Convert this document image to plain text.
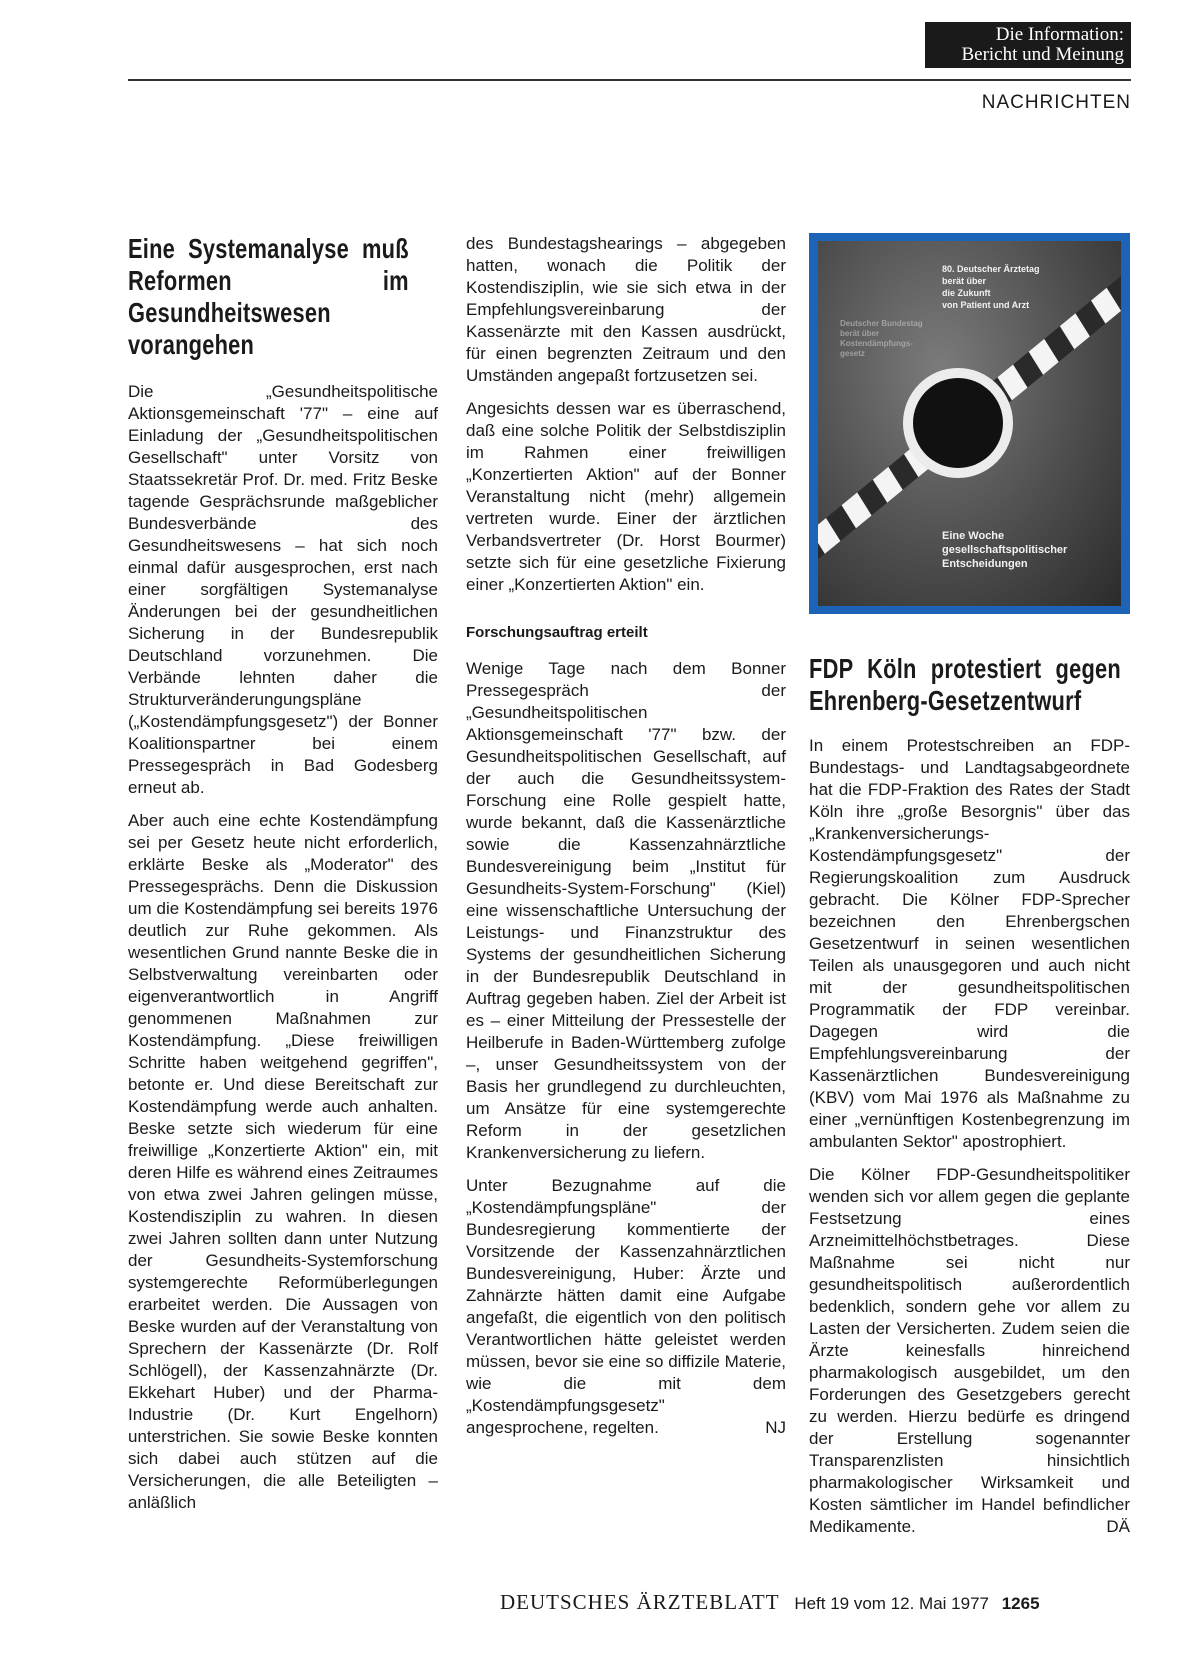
Die Information:
Bericht und Meinung
NACHRICHTEN
Eine Systemanalyse muß Reformen im Gesundheitswesen vorangehen

Die „Gesundheitspolitische Aktionsgemeinschaft '77" – eine auf Einladung der „Gesundheitspolitischen Gesellschaft" unter Vorsitz von Staatssekretär Prof. Dr. med. Fritz Beske tagende Gesprächsrunde maßgeblicher Bundesverbände des Gesundheitswesens – hat sich noch einmal dafür ausgesprochen, erst nach einer sorgfältigen Systemanalyse Änderungen bei der gesundheitlichen Sicherung in der Bundesrepublik Deutschland vorzunehmen. Die Verbände lehnten daher die Strukturveränderungungspläne („Kostendämpfungsgesetz") der Bonner Koalitionspartner bei einem Pressegespräch in Bad Godesberg erneut ab.

Aber auch eine echte Kostendämpfung sei per Gesetz heute nicht erforderlich, erklärte Beske als „Moderator" des Pressegesprächs. Denn die Diskussion um die Kostendämpfung sei bereits 1976 deutlich zur Ruhe gekommen. Als wesentlichen Grund nannte Beske die in Selbstverwaltung vereinbarten oder eigenverantwortlich in Angriff genommenen Maßnahmen zur Kostendämpfung. „Diese freiwilligen Schritte haben weitgehend gegriffen", betonte er. Und diese Bereitschaft zur Kostendämpfung werde auch anhalten. Beske setzte sich wiederum für eine freiwillige „Konzertierte Aktion" ein, mit deren Hilfe es während eines Zeitraumes von etwa zwei Jahren gelingen müsse, Kostendisziplin zu wahren. In diesen zwei Jahren sollten dann unter Nutzung der Gesundheits-Systemforschung systemgerechte Reformüberlegungen erarbeitet werden. Die Aussagen von Beske wurden auf der Veranstaltung von Sprechern der Kassenärzte (Dr. Rolf Schlögell), der Kassenzahnärzte (Dr. Ekkehart Huber) und der Pharma-Industrie (Dr. Kurt Engelhorn) unterstrichen. Sie sowie Beske konnten sich dabei auch stützen auf die Versicherungen, die alle Beteiligten – anläßlich

des Bundestagshearings – abgegeben hatten, wonach die Politik der Kostendisziplin, wie sie sich etwa in der Empfehlungsvereinbarung der Kassenärzte mit den Kassen ausdrückt, für einen begrenzten Zeitraum und den Umständen angepaßt fortzusetzen sei.

Angesichts dessen war es überraschend, daß eine solche Politik der Selbstdisziplin im Rahmen einer freiwilligen „Konzertierten Aktion" auf der Bonner Veranstaltung nicht (mehr) allgemein vertreten wurde. Einer der ärztlichen Verbandsvertreter (Dr. Horst Bourmer) setzte sich für eine gesetzliche Fixierung einer „Konzertierten Aktion" ein.

Forschungsauftrag erteilt

Wenige Tage nach dem Bonner Pressegespräch der „Gesundheitspolitischen Aktionsgemeinschaft '77" bzw. der Gesundheitspolitischen Gesellschaft, auf der auch die Gesundheitssystem-Forschung eine Rolle gespielt hatte, wurde bekannt, daß die Kassenärztliche sowie die Kassenzahnärztliche Bundesvereinigung beim „Institut für Gesundheits-System-Forschung" (Kiel) eine wissenschaftliche Untersuchung der Leistungs- und Finanzstruktur des Systems der gesundheitlichen Sicherung in der Bundesrepublik Deutschland in Auftrag gegeben haben. Ziel der Arbeit ist es – einer Mitteilung der Pressestelle der Heilberufe in Baden-Württemberg zufolge –, unser Gesundheitssystem von der Basis her grundlegend zu durchleuchten, um Ansätze für eine systemgerechte Reform in der gesetzlichen Krankenversicherung zu liefern.

Unter Bezugnahme auf die „Kostendämpfungspläne" der Bundesregierung kommentierte der Vorsitzende der Kassenzahnärztlichen Bundesvereinigung, Huber: Ärzte und Zahnärzte hätten damit eine Aufgabe angefaßt, die eigentlich von den politisch Verantwortlichen hätte geleistet werden müssen, bevor sie eine so diffizile Materie, wie die mit dem „Kostendämpfungsgesetz" angesprochene, regelten.	NJ

Deutscher Bundestag
berät über
Kostendämpfungs-
gesetz
80. Deutscher Ärztetag
berät über
die Zukunft
von Patient und Arzt
Eine Woche
gesellschaftspolitischer
Entscheidungen
FDP Köln protestiert gegen Ehrenberg-Gesetzentwurf

In einem Protestschreiben an FDP-Bundestags- und Landtagsabgeordnete hat die FDP-Fraktion des Rates der Stadt Köln ihre „große Besorgnis" über das „Krankenversicherungs-Kostendämpfungsgesetz" der Regierungskoalition zum Ausdruck gebracht. Die Kölner FDP-Sprecher bezeichnen den Ehrenbergschen Gesetzentwurf in seinen wesentlichen Teilen als unausgegoren und auch nicht mit der gesundheitspolitischen Programmatik der FDP vereinbar. Dagegen wird die Empfehlungsvereinbarung der Kassenärztlichen Bundesvereinigung (KBV) vom Mai 1976 als Maßnahme zu einer „vernünftigen Kostenbegrenzung im ambulanten Sektor" apostrophiert.

Die Kölner FDP-Gesundheitspolitiker wenden sich vor allem gegen die geplante Festsetzung eines Arzneimittelhöchstbetrages. Diese Maßnahme sei nicht nur gesundheitspolitisch außerordentlich bedenklich, sondern gehe vor allem zu Lasten der Versicherten. Zudem seien die Ärzte keinesfalls hinreichend pharmakologisch ausgebildet, um den Forderungen des Gesetzgebers gerecht zu werden. Hierzu bedürfe es dringend der Erstellung sogenannter Transparenzlisten hinsichtlich pharmakologischer Wirksamkeit und Kosten sämtlicher im Handel befindlicher Medikamente.	DÄ

DEUTSCHES ÄRZTEBLATT Heft 19 vom 12. Mai 1977 1265
